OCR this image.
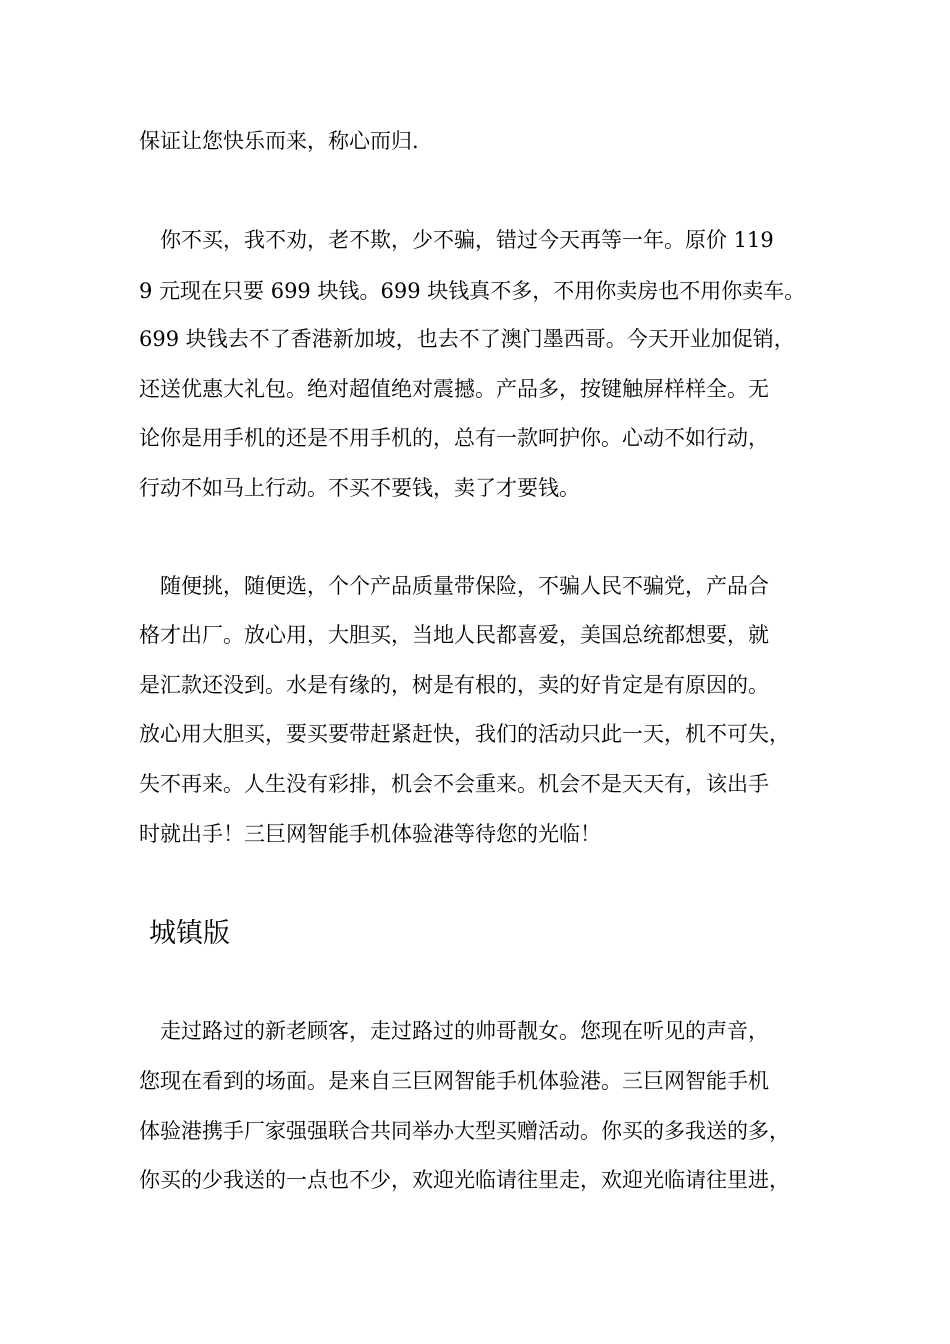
保证让您快乐而来，称心而归.
　你不买，我不劝，老不欺，少不骗，错过今天再等一年。原价 119
9 元现在只要 699 块钱。699 块钱真不多，不用你卖房也不用你卖车。
699 块钱去不了香港新加坡，也去不了澳门墨西哥。今天开业加促销，
还送优惠大礼包。绝对超值绝对震撼。产品多，按键触屏样样全。无
论你是用手机的还是不用手机的，总有一款呵护你。心动不如行动，
行动不如马上行动。不买不要钱，卖了才要钱。
　随便挑，随便选，个个产品质量带保险，不骗人民不骗党，产品合
格才出厂。放心用，大胆买，当地人民都喜爱，美国总统都想要，就
是汇款还没到。水是有缘的，树是有根的，卖的好肯定是有原因的。
放心用大胆买，要买要带赶紧赶快，我们的活动只此一天，机不可失，
失不再来。人生没有彩排，机会不会重来。机会不是天天有，该出手
时就出手！三巨网智能手机体验港等待您的光临！
城镇版
　走过路过的新老顾客，走过路过的帅哥靓女。您现在听见的声音，
您现在看到的场面。是来自三巨网智能手机体验港。三巨网智能手机
体验港携手厂家强强联合共同举办大型买赠活动。你买的多我送的多，
你买的少我送的一点也不少，欢迎光临请往里走，欢迎光临请往里进，
